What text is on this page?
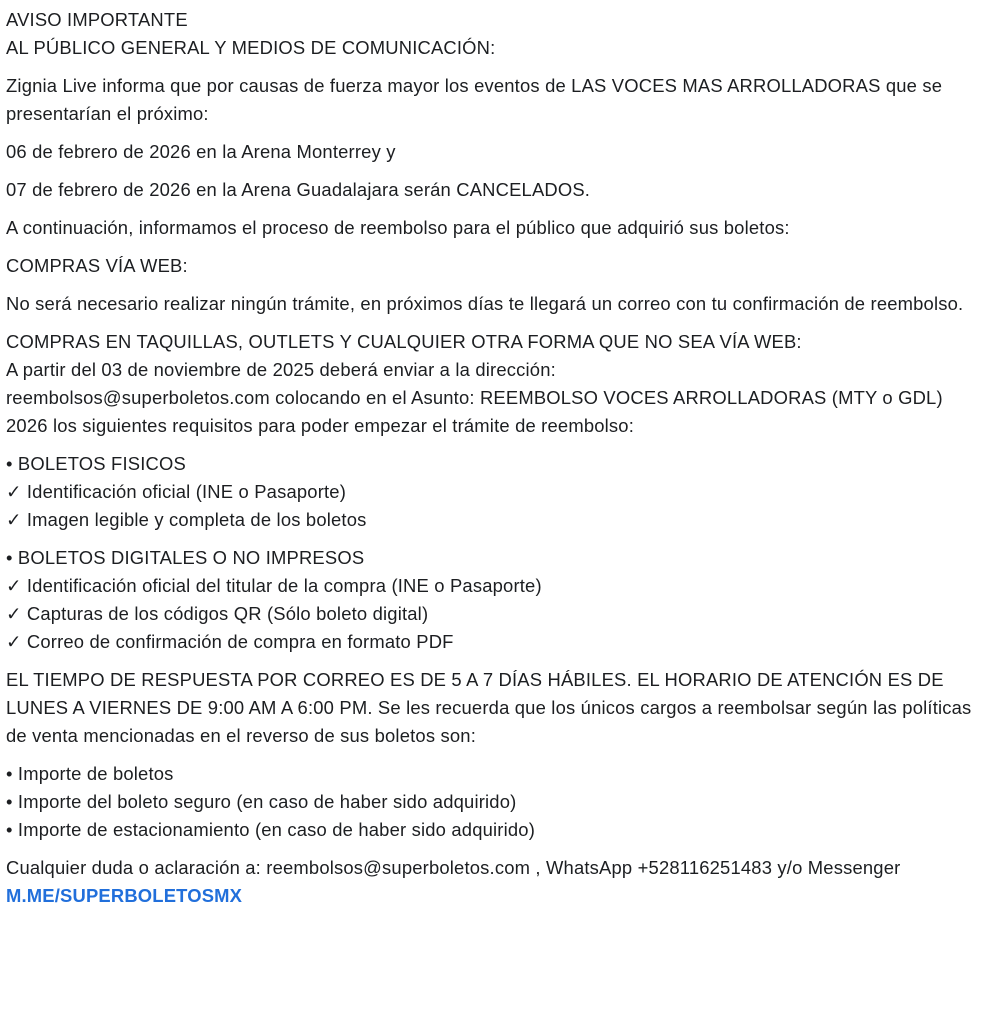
AVISO IMPORTANTE
AL PÚBLICO GENERAL Y MEDIOS DE COMUNICACIÓN:

Zignia Live informa que por causas de fuerza mayor los eventos de LAS VOCES MAS ARROLLADORAS que se presentarían el próximo:

06 de febrero de 2026 en la Arena Monterrey y

07 de febrero de 2026 en la Arena Guadalajara serán CANCELADOS.

A continuación, informamos el proceso de reembolso para el público que adquirió sus boletos:

COMPRAS VÍA WEB:

No será necesario realizar ningún trámite, en próximos días te llegará un correo con tu confirmación de reembolso.

COMPRAS EN TAQUILLAS, OUTLETS Y CUALQUIER OTRA FORMA QUE NO SEA VÍA WEB:
A partir del 03 de noviembre de 2025 deberá enviar a la dirección:
reembolsos@superboletos.com colocando en el Asunto: REEMBOLSO VOCES ARROLLADORAS (MTY o GDL) 2026 los siguientes requisitos para poder empezar el trámite de reembolso:

• BOLETOS FISICOS
✓ Identificación oficial (INE o Pasaporte)
✓ Imagen legible y completa de los boletos

• BOLETOS DIGITALES O NO IMPRESOS
✓ Identificación oficial del titular de la compra (INE o Pasaporte)
✓ Capturas de los códigos QR (Sólo boleto digital)
✓ Correo de confirmación de compra en formato PDF

EL TIEMPO DE RESPUESTA POR CORREO ES DE 5 A 7 DÍAS HÁBILES. EL HORARIO DE ATENCIÓN ES DE LUNES A VIERNES DE 9:00 AM A 6:00 PM. Se les recuerda que los únicos cargos a reembolsar según las políticas de venta mencionadas en el reverso de sus boletos son:

• Importe de boletos
• Importe del boleto seguro (en caso de haber sido adquirido)
• Importe de estacionamiento (en caso de haber sido adquirido)

Cualquier duda o aclaración a: reembolsos@superboletos.com , WhatsApp +528116251483 y/o Messenger M.ME/SUPERBOLETOSMX
